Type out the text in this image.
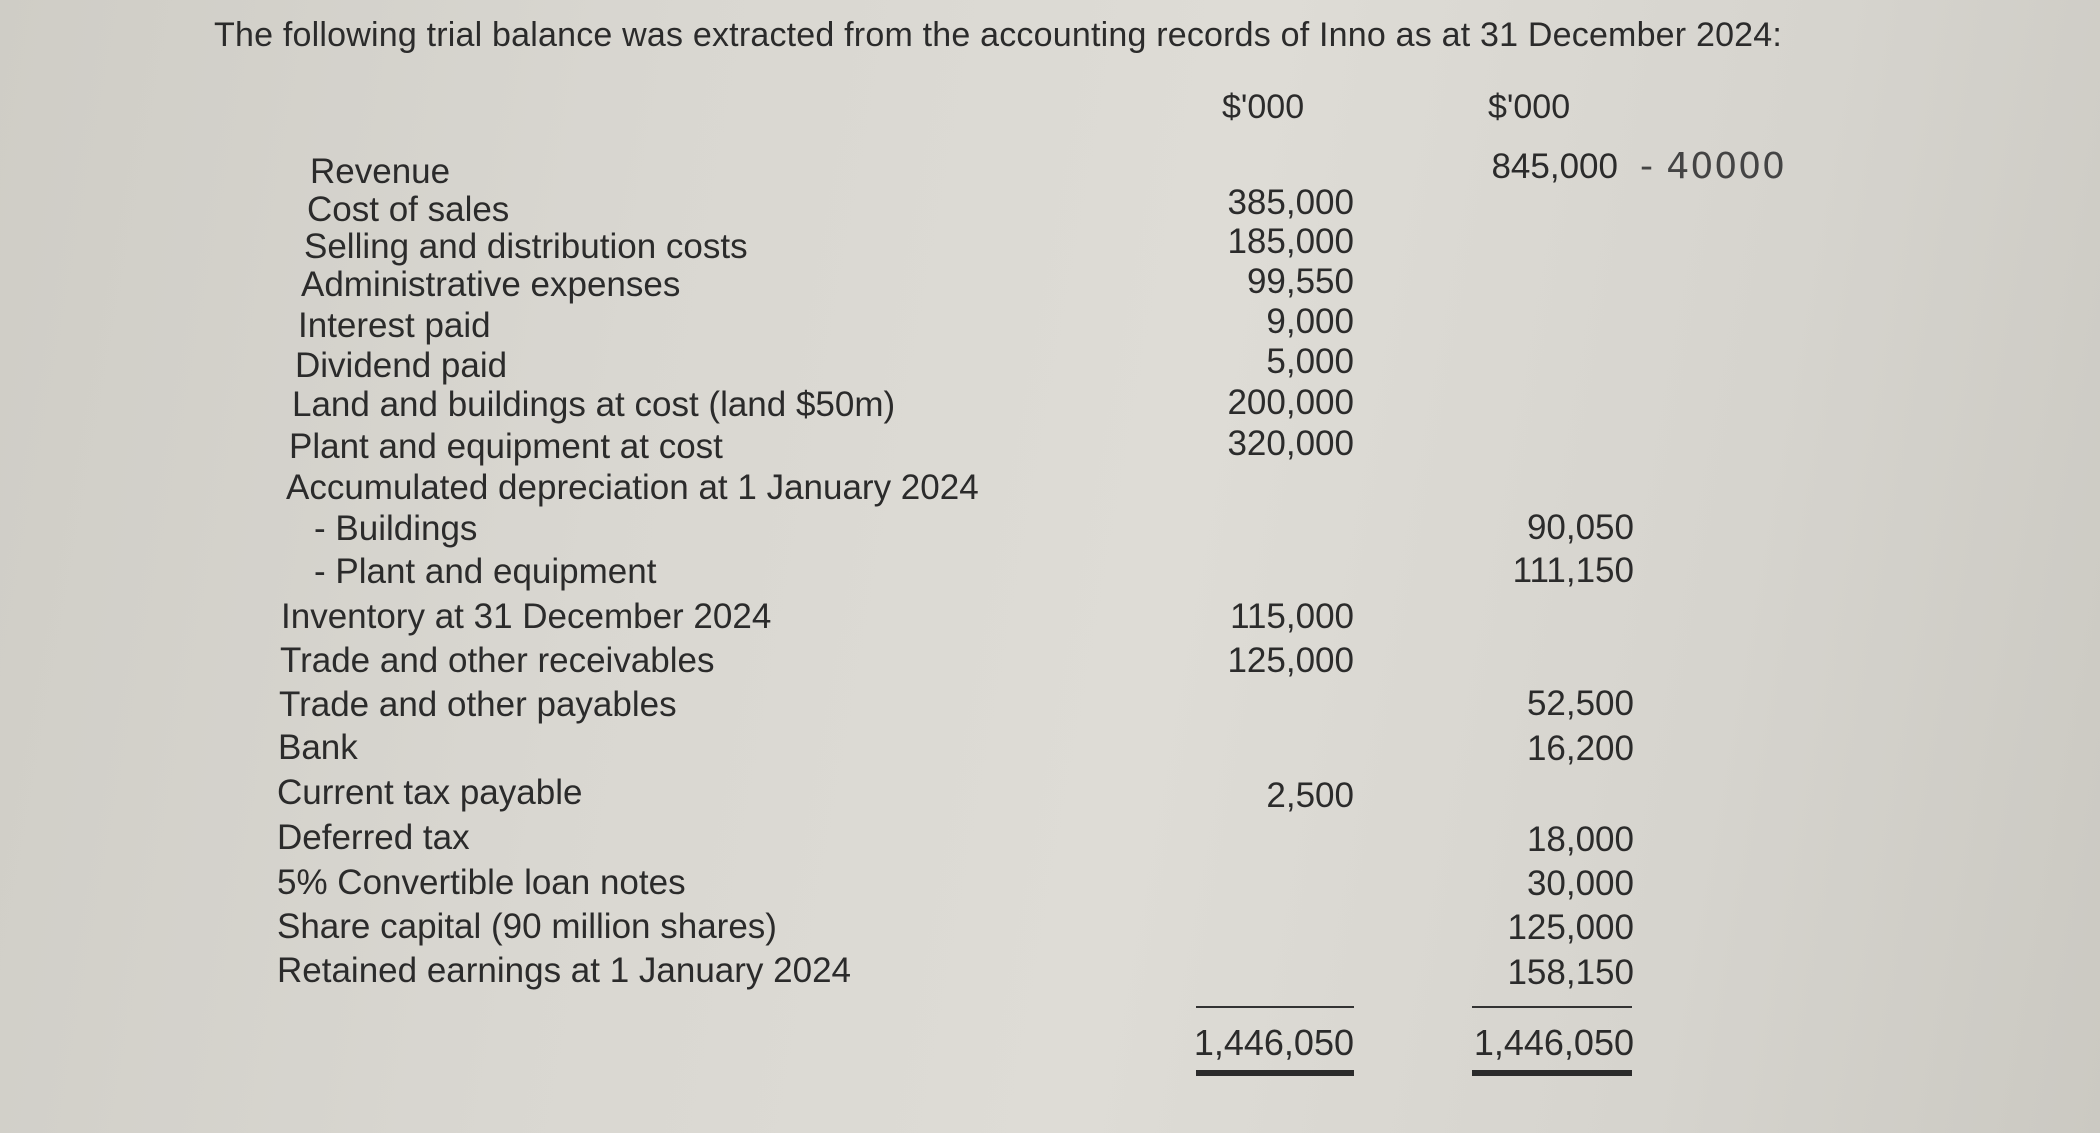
The following trial balance was extracted from the accounting records of Inno as at 31 December 2024:
$'000	$'000
Revenue
Cost of sales
Selling and distribution costs
Administrative expenses
Interest paid
Dividend paid
Land and buildings at cost (land $50m)
Plant and equipment at cost
Accumulated depreciation at 1 January 2024
- Buildings
- Plant and equipment
Inventory at 31 December 2024
Trade and other receivables
Trade and other payables
Bank
Current tax payable
Deferred tax
5% Convertible loan notes
Share capital (90 million shares)
Retained earnings at 1 January 2024
385,000
185,000
99,550
9,000
5,000
200,000
320,000
115,000
125,000
2,500
845,000 - 40000
90,050
111,150
52,500
16,200
18,000
30,000
125,000
158,150
1,446,050	1,446,050
